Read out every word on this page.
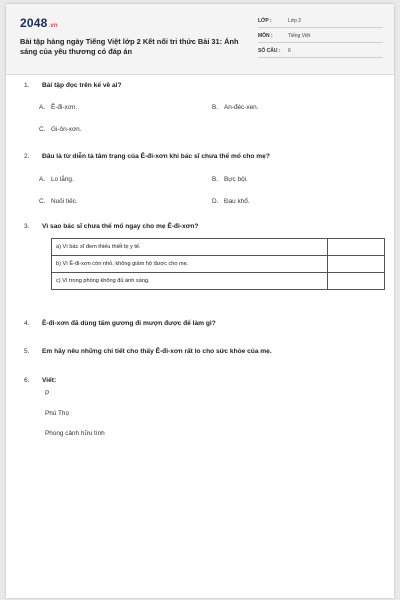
2048.vn
Bài tập hàng ngày Tiếng Việt lớp 2 Kết nối tri thức Bài 31: Ánh sáng của yêu thương có đáp án
LỚP :	Lớp 2
MÔN :	Tiếng Việt
SỐ CÂU : 6
1. Bài tập đọc trên kể về ai?
A. Ê-đi-xơn.	B. An-đéc-xen.
C. Gi-ôn-xơn.
2. Đâu là từ diễn tả tâm trạng của Ê-đi-xơn khi bác sĩ chưa thể mổ cho mẹ?
A. Lo lắng.	B. Bực bội.
C. Nuối tiếc.	D. Đau khổ.
3. Vì sao bác sĩ chưa thể mổ ngay cho mẹ Ê-đi-xơn?
a) Vì bác sĩ đem thiếu thiết bị y tế.	
b) Vì Ê-đi-xơn còn nhỏ, không giám hộ được cho mẹ.	
c) Vì trong phòng không đủ ánh sáng.	
4. Ê-đi-xơn đã dùng tấm gương đi mượn được để làm gì?
5. Em hãy nêu những chi tiết cho thấy Ê-đi-xơn rất lo cho sức khỏe của mẹ.
6. Viết:
P
Phú Thọ
Phong cảnh hữu tình
